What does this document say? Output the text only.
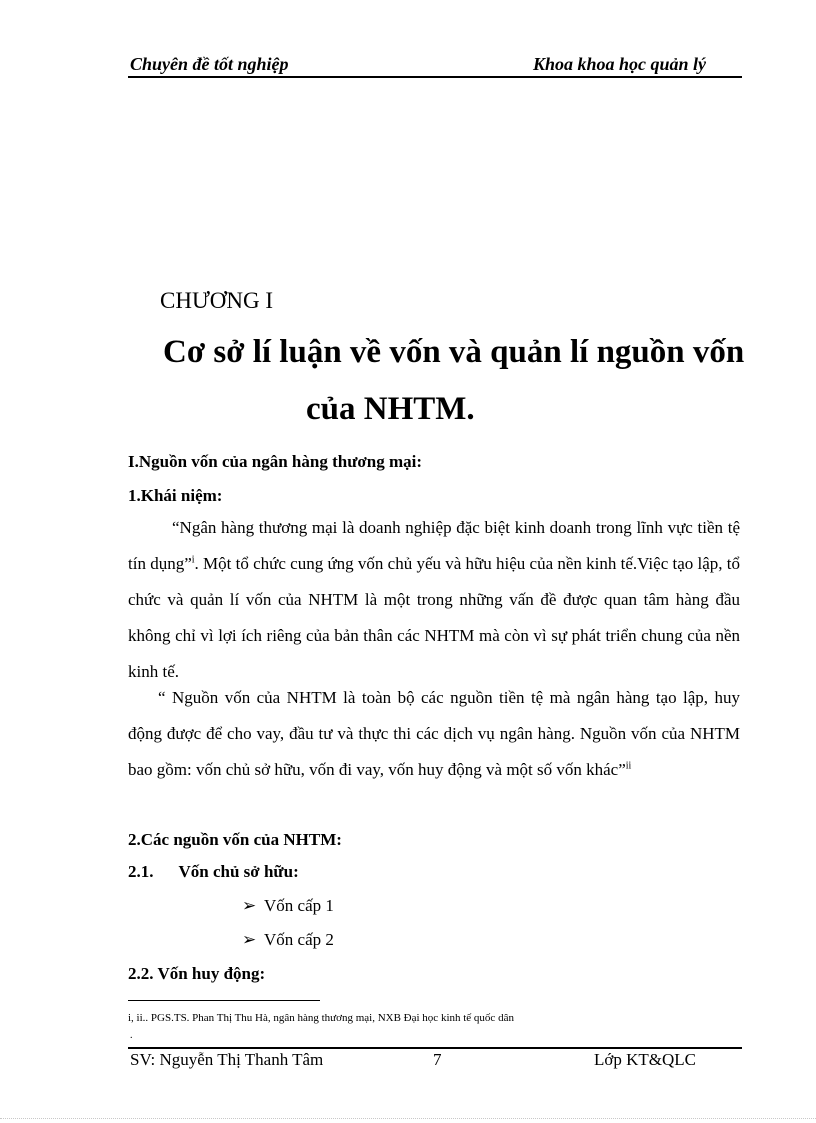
Chuyên đề tốt nghiệp	Khoa khoa học quản lý
CHƯƠNG I
Cơ sở lí luận về vốn và quản lí nguồn vốn
của NHTM.
I.Nguồn vốn của ngân hàng thương mại:
1.Khái niệm:
“Ngân hàng thương mại là doanh nghiệp đặc biệt kinh doanh trong lĩnh vực tiền tệ tín dụng”$^i$. Một tổ chức cung ứng vốn chủ yếu và hữu hiệu của nền kinh tế.Việc tạo lập, tổ chức và quản lí vốn của NHTM là một trong những vấn đề được quan tâm hàng đầu không chỉ vì lợi ích riêng của bản thân các NHTM mà còn vì sự phát triển chung của nền kinh tế.
“ Nguồn vốn của NHTM là toàn bộ các nguồn tiền tệ mà ngân hàng tạo lập, huy động được để cho vay, đầu tư và thực thi các dịch vụ ngân hàng. Nguồn vốn của NHTM bao gồm: vốn chủ sở hữu, vốn đi vay, vốn huy động và một số vốn khác”$^{ii}$
2.Các nguồn vốn của NHTM:
2.1. Vốn chủ sở hữu:
➢ Vốn cấp 1
➢ Vốn cấp 2
2.2. Vốn huy động:
i, ii.. PGS.TS. Phan Thị Thu Hà, ngân hàng thương mại, NXB Đại học kinh tế quốc dân
.
SV: Nguyễn Thị Thanh Tâm	7	Lớp KT&QLC
